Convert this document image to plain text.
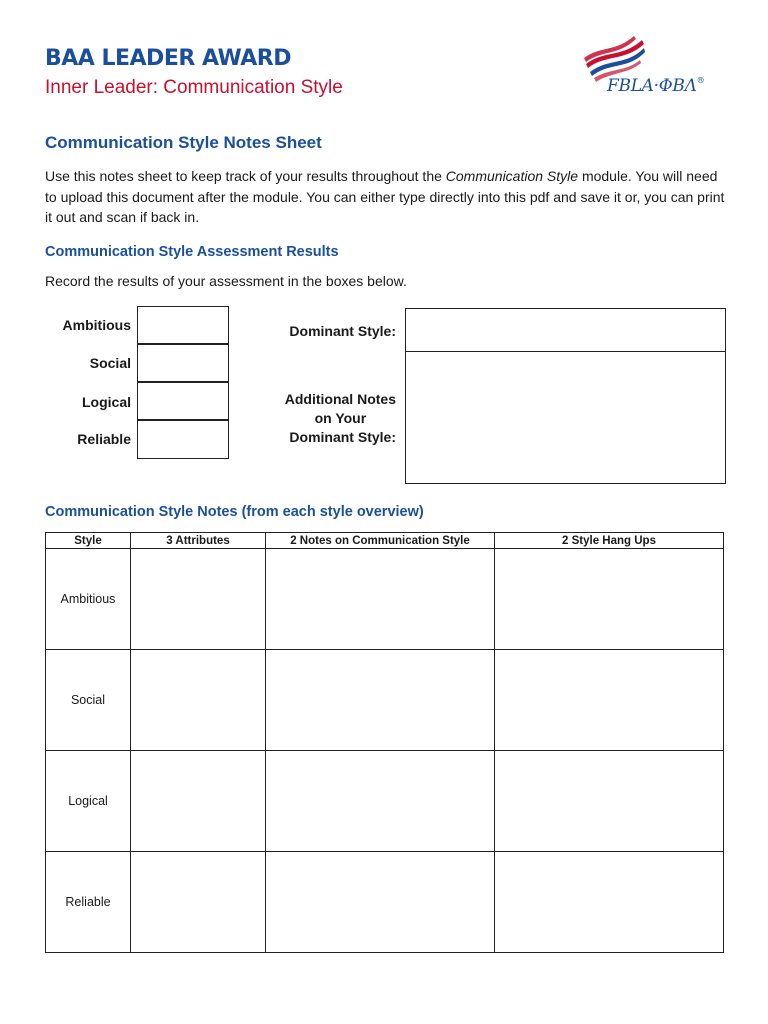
BAA LEADER AWARD
Inner Leader: Communication Style	FBLA·ΦΒΛ®
Communication Style Notes Sheet

Use this notes sheet to keep track of your results throughout the Communication Style module. You will need to upload this document after the module. You can either type directly into this pdf and save it or, you can print it out and scan if back in.

Communication Style Assessment Results

Record the results of your assessment in the boxes below.

Ambitious
Social
Logical
Reliable
Dominant Style:
Additional Notes
on Your
Dominant Style:
Communication Style Notes (from each style overview)
Style	3 Attributes	2 Notes on Communication Style	2 Style Hang Ups
Ambitious			
Social			
Logical			
Reliable			
